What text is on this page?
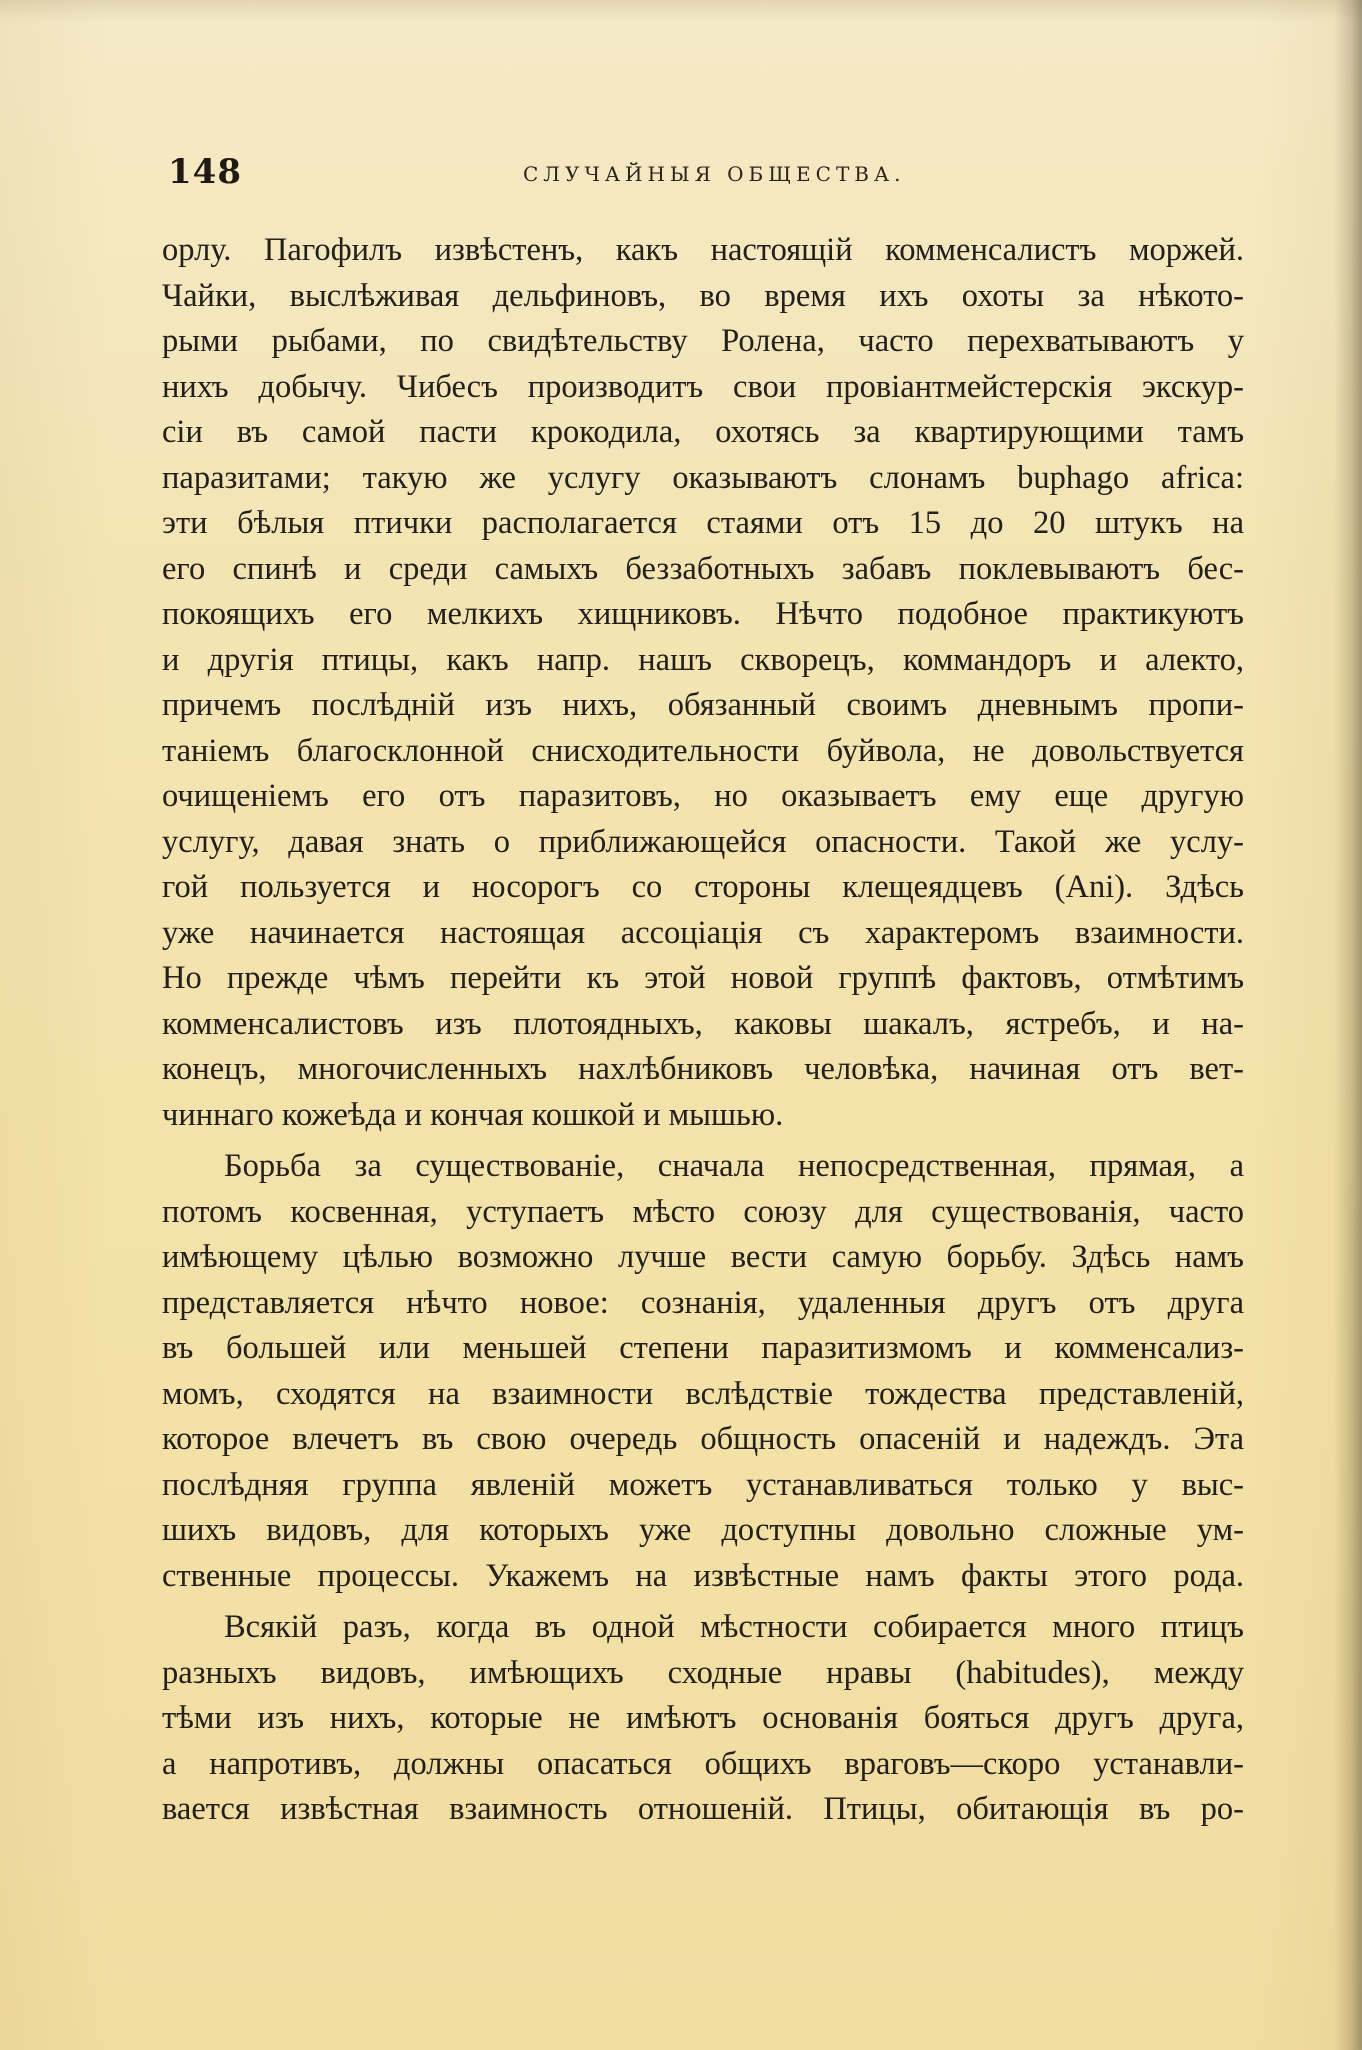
148	СЛУЧАЙНЫЯ ОБЩЕСТВА.
орлу. Пагофилъ извѣстенъ, какъ настоящій комменсалистъ моржей.
Чайки, выслѣживая дельфиновъ, во время ихъ охоты за нѣкото-
рыми рыбами, по свидѣтельству Ролена, часто перехватываютъ у
нихъ добычу. Чибесъ производитъ свои провіантмейстерскія экскур-
сіи въ самой пасти крокодила, охотясь за квартирующими тамъ
паразитами; такую же услугу оказываютъ слонамъ buphago africa:
эти бѣлыя птички располагается стаями отъ 15 до 20 штукъ на
его спинѣ и среди самыхъ беззаботныхъ забавъ поклевываютъ бес-
покоящихъ его мелкихъ хищниковъ. Нѣчто подобное практикуютъ
и другія птицы, какъ напр. нашъ скворецъ, коммандоръ и алекто,
причемъ послѣдній изъ нихъ, обязанный своимъ дневнымъ пропи-
таніемъ благосклонной снисходительности буйвола, не довольствуется
очищеніемъ его отъ паразитовъ, но оказываетъ ему еще другую
услугу, давая знать о приближающейся опасности. Такой же услу-
гой пользуется и носорогъ со стороны клещеядцевъ (Ani). Здѣсь
уже начинается настоящая ассоціація съ характеромъ взаимности.
Но прежде чѣмъ перейти къ этой новой группѣ фактовъ, отмѣтимъ
комменсалистовъ изъ плотоядныхъ, каковы шакалъ, ястребъ, и на-
конецъ, многочисленныхъ нахлѣбниковъ человѣка, начиная отъ вет-
чиннаго кожеѣда и кончая кошкой и мышью.
Борьба за существованіе, сначала непосредственная, прямая, а
потомъ косвенная, уступаетъ мѣсто союзу для существованія, часто
имѣющему цѣлью возможно лучше вести самую борьбу. Здѣсь намъ
представляется нѣчто новое: сознанія, удаленныя другъ отъ друга
въ большей или меньшей степени паразитизмомъ и комменсализ-
момъ, сходятся на взаимности вслѣдствіе тождества представленій,
которое влечетъ въ свою очередь общность опасеній и надеждъ. Эта
послѣдняя группа явленій можетъ устанавливаться только у выс-
шихъ видовъ, для которыхъ уже доступны довольно сложные ум-
ственные процессы. Укажемъ на извѣстные намъ факты этого рода.
Всякій разъ, когда въ одной мѣстности собирается много птицъ
разныхъ видовъ, имѣющихъ сходные нравы (habitudes), между
тѣми изъ нихъ, которые не имѣютъ основанія бояться другъ друга,
а напротивъ, должны опасаться общихъ враговъ—скоро устанавли-
вается извѣстная взаимность отношеній. Птицы, обитающія въ ро-
